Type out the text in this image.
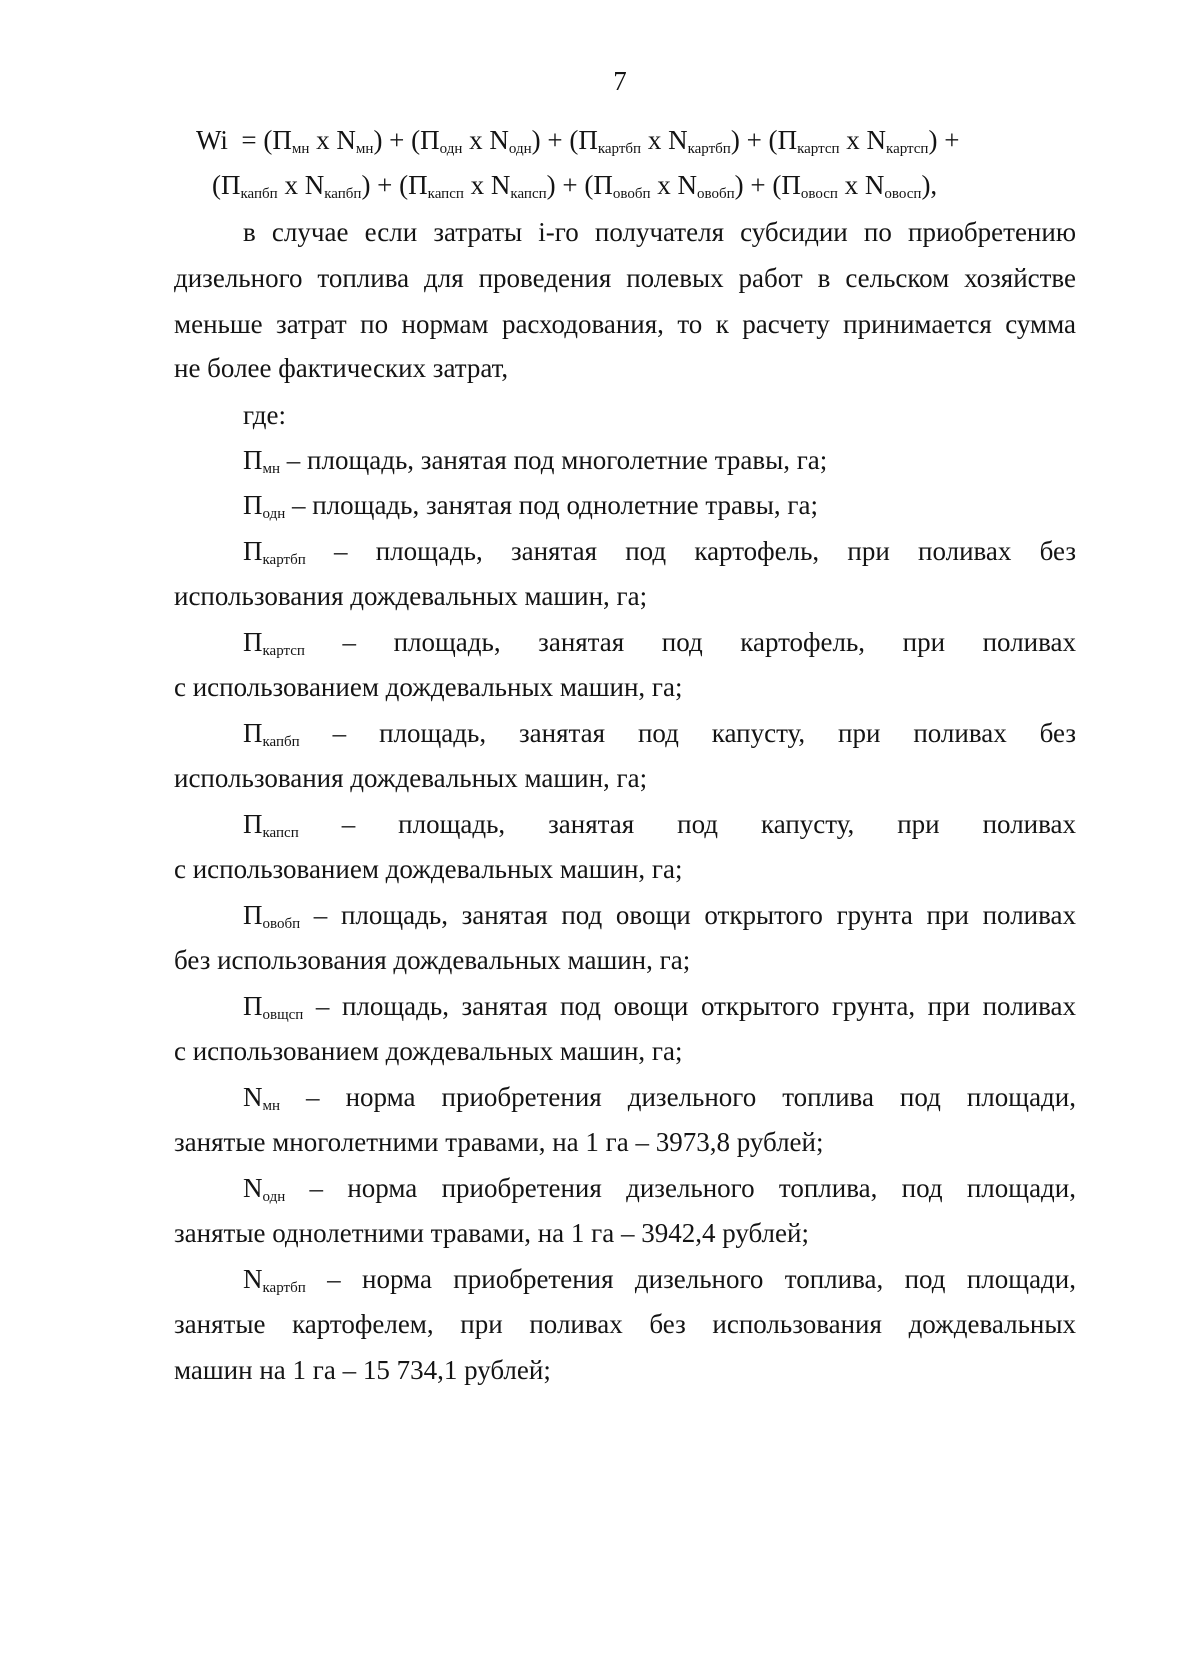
7
$Wi = (П_{мн}$ х $N_{мн}) + (П_{одн}$ х $N_{одн}) + (П_{картбп}$ х $N_{картбп}) + (П_{картсп}$ х $N_{картсп}$) +
($П_{капбп}$ х $N_{капбп}) + (П_{капсп}$ х $N_{капсп}) + (П_{овобп}$ х $N_{овобп}) + (П_{овосп}$ х $N_{овосп}$),
в случае если затраты i-го получателя субсидии по приобретению
дизельного топлива для проведения полевых работ в сельском хозяйстве
меньше затрат по нормам расходования, то к расчету принимается сумма
не более фактических затрат,
где:
$П_{мн}$ – площадь, занятая под многолетние травы, га;
$П_{одн}$ – площадь, занятая под однолетние травы, га;
$П_{картбп}$ – площадь, занятая под картофель, при поливах без
использования дождевальных машин, га;
$П_{картсп}$ – площадь, занятая под картофель, при поливах
с использованием дождевальных машин, га;
$П_{капбп}$ – площадь, занятая под капусту, при поливах без
использования дождевальных машин, га;
$П_{капсп}$ – площадь, занятая под капусту, при поливах
с использованием дождевальных машин, га;
$П_{овобп}$ – площадь, занятая под овощи открытого грунта при поливах
без использования дождевальных машин, га;
$П_{овщсп}$ – площадь, занятая под овощи открытого грунта, при поливах
с использованием дождевальных машин, га;
$N_{мн}$ – норма приобретения дизельного топлива под площади,
занятые многолетними травами, на 1 га – 3973,8 рублей;
$N_{одн}$ – норма приобретения дизельного топлива, под площади,
занятые однолетними травами, на 1 га – 3942,4 рублей;
$N_{картбп}$ – норма приобретения дизельного топлива, под площади,
занятые картофелем, при поливах без использования дождевальных
машин на 1 га – 15 734,1 рублей;
